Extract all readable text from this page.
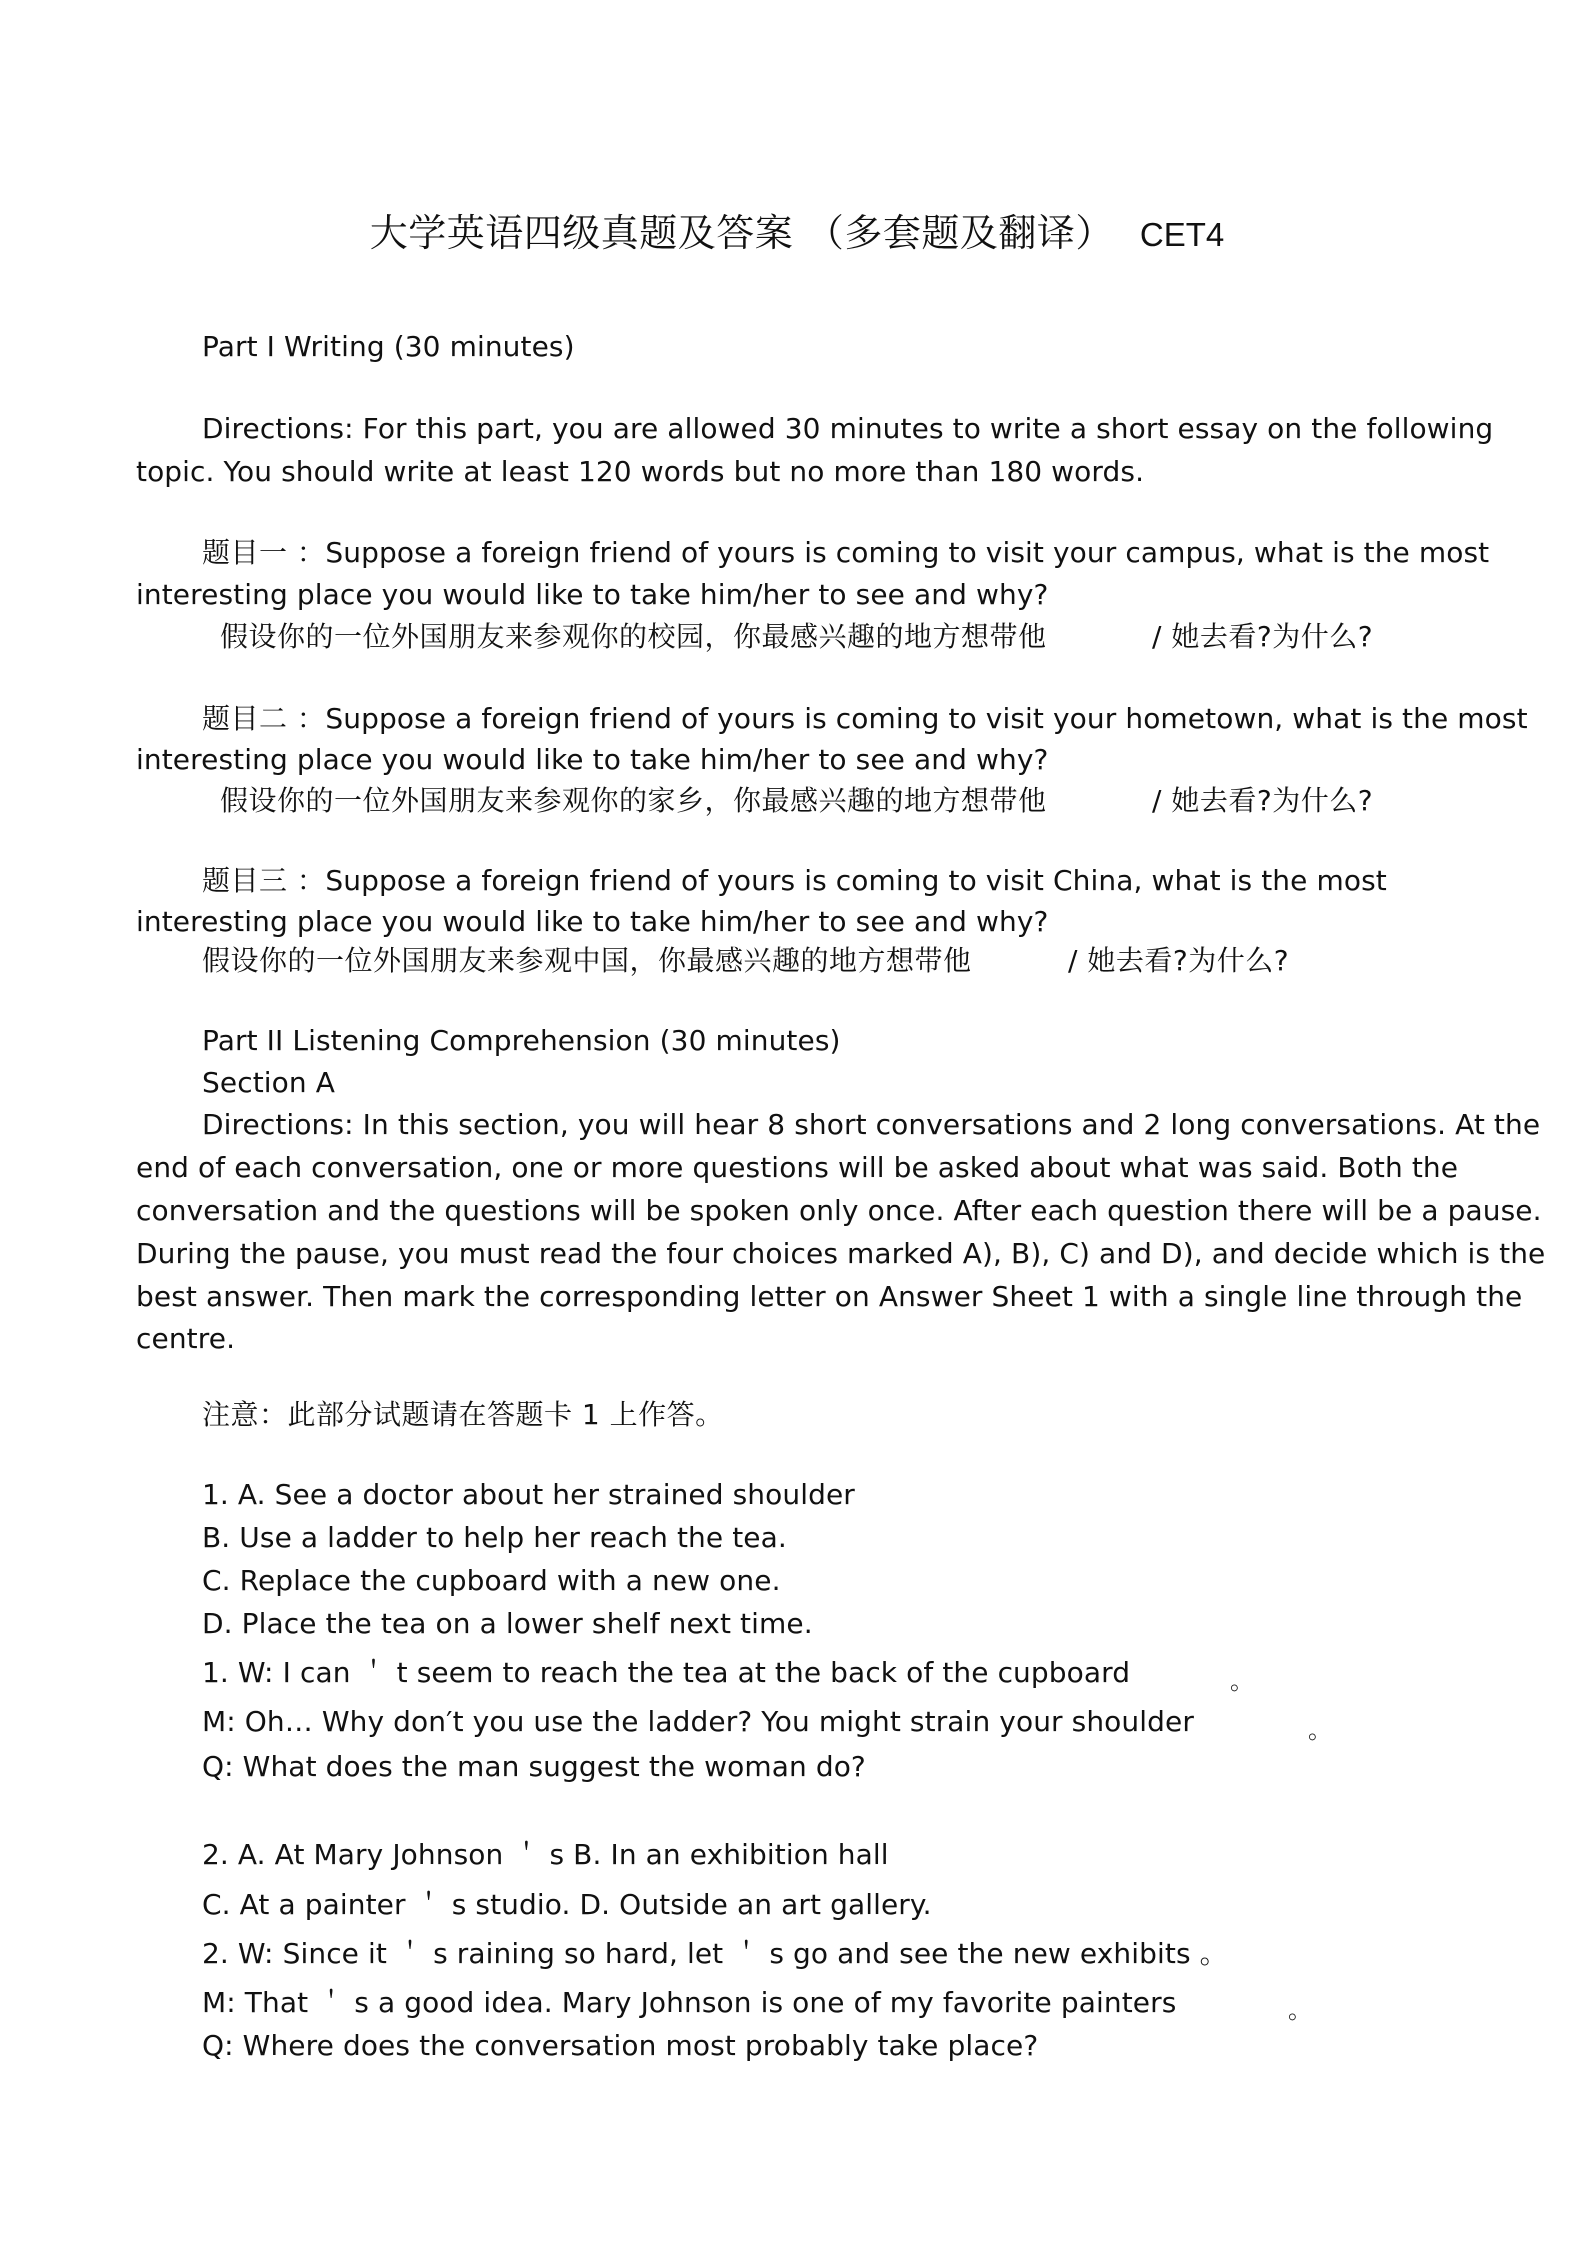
大学英语四级真题及答案 （多套题及翻译） CET4
Part I Writing (30 minutes)
Directions: For this part, you are allowed 30 minutes to write a short essay on the following
topic. You should write at least 120 words but no more than 180 words.
题目一 ：Suppose a foreign friend of yours is coming to visit your campus, what is the most
interesting place you would like to take him/her to see and why?
假设你的一位外国朋友来参观你的校园，你最感兴趣的地方想带他	/ 她去看?为什么?
题目二 ：Suppose a foreign friend of yours is coming to visit your hometown, what is the most
interesting place you would like to take him/her to see and why?
假设你的一位外国朋友来参观你的家乡，你最感兴趣的地方想带他	/ 她去看?为什么?
题目三 ：Suppose a foreign friend of yours is coming to visit China, what is the most
interesting place you would like to take him/her to see and why?
假设你的一位外国朋友来参观中国，你最感兴趣的地方想带他	/ 她去看?为什么?
Part II Listening Comprehension (30 minutes)
Section A
Directions: In this section, you will hear 8 short conversations and 2 long conversations. At the
end of each conversation, one or more questions will be asked about what was said. Both the
conversation and the questions will be spoken only once. After each question there will be a pause.
During the pause, you must read the four choices marked A), B), C) and D), and decide which is the
best answer. Then mark the corresponding letter on Answer Sheet 1 with a single line through the
centre.
注意：此部分试题请在答题卡 1 上作答。
1. A. See a doctor about her strained shoulder
B. Use a ladder to help her reach the tea.
C. Replace the cupboard with a new one.
D. Place the tea on a lower shelf next time.
1. W: I can ＇ t seem to reach the tea at the back of the cupboard	。
M: Oh… Why don′t you use the ladder? You might strain your shoulder	。
Q: What does the man suggest the woman do?
2. A. At Mary Johnson ＇ s B. In an exhibition hall
C. At a painter ＇ s studio. D. Outside an art gallery.
2. W: Since it ＇ s raining so hard, let ＇ s go and see the new exhibits 。
M: That ＇ s a good idea. Mary Johnson is one of my favorite painters	。
Q: Where does the conversation most probably take place?
